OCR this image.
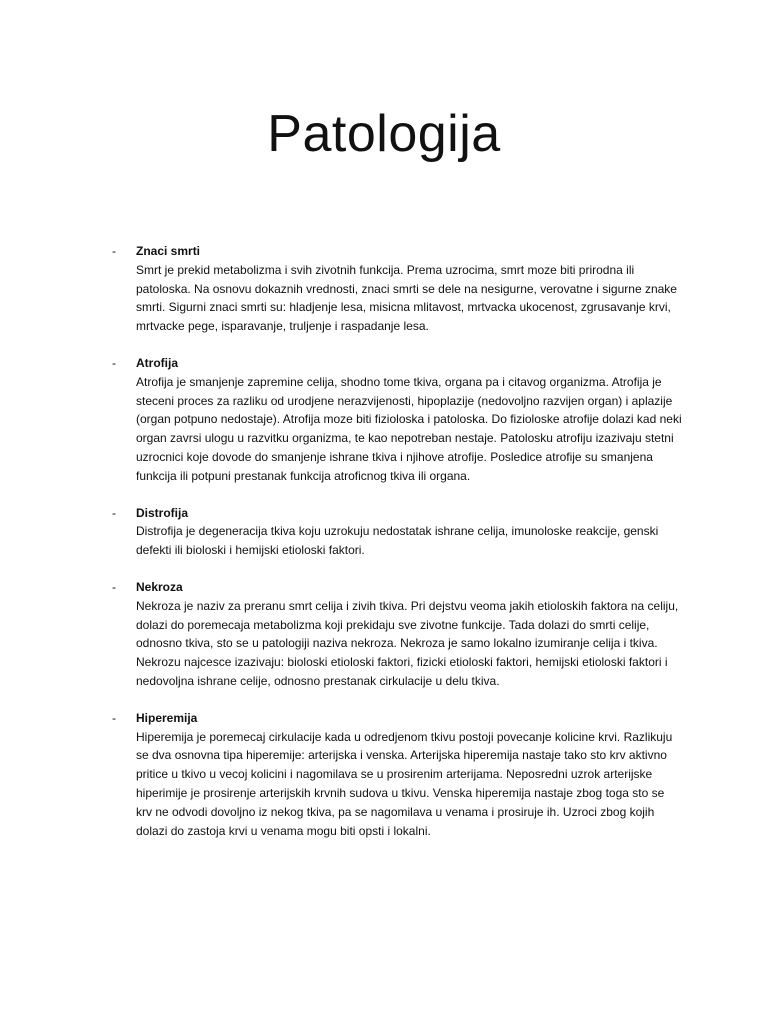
Patologija
- Znaci smrti

Smrt je prekid metabolizma i svih zivotnih funkcija. Prema uzrocima, smrt moze biti prirodna ili patoloska. Na osnovu dokaznih vrednosti, znaci smrti se dele na nesigurne, verovatne i sigurne znake smrti. Sigurni znaci smrti su: hladjenje lesa, misicna mlitavost, mrtvacka ukocenost, zgrusavanje krvi, mrtvacke pege, isparavanje, truljenje i raspadanje lesa.

- Atrofija

Atrofija je smanjenje zapremine celija, shodno tome tkiva, organa pa i citavog organizma. Atrofija je steceni proces za razliku od urodjene nerazvijenosti, hipoplazije (nedovoljno razvijen organ) i aplazije (organ potpuno nedostaje). Atrofija moze biti fizioloska i patoloska. Do fizioloske atrofije dolazi kad neki organ zavrsi ulogu u razvitku organizma, te kao nepotreban nestaje. Patolosku atrofiju izazivaju stetni uzrocnici koje dovode do smanjenje ishrane tkiva i njihove atrofije. Posledice atrofije su smanjena funkcija ili potpuni prestanak funkcija atroficnog tkiva ili organa.

- Distrofija

Distrofija je degeneracija tkiva koju uzrokuju nedostatak ishrane celija, imunoloske reakcije, genski defekti ili bioloski i hemijski etioloski faktori.

- Nekroza

Nekroza je naziv za preranu smrt celija i zivih tkiva. Pri dejstvu veoma jakih etioloskih faktora na celiju, dolazi do poremecaja metabolizma koji prekidaju sve zivotne funkcije. Tada dolazi do smrti celije, odnosno tkiva, sto se u patologiji naziva nekroza. Nekroza je samo lokalno izumiranje celija i tkiva. Nekrozu najcesce izazivaju: bioloski etioloski faktori, fizicki etioloski faktori, hemijski etioloski faktori i nedovoljna ishrane celije, odnosno prestanak cirkulacije u delu tkiva.

- Hiperemija

Hiperemija je poremecaj cirkulacije kada u odredjenom tkivu postoji povecanje kolicine krvi. Razlikuju se dva osnovna tipa hiperemije: arterijska i venska. Arterijska hiperemija nastaje tako sto krv aktivno pritice u tkivo u vecoj kolicini i nagomilava se u prosirenim arterijama. Neposredni uzrok arterijske hiperimije je prosirenje arterijskih krvnih sudova u tkivu. Venska hiperemija nastaje zbog toga sto se krv ne odvodi dovoljno iz nekog tkiva, pa se nagomilava u venama i prosiruje ih. Uzroci zbog kojih dolazi do zastoja krvi u venama mogu biti opsti i lokalni.
